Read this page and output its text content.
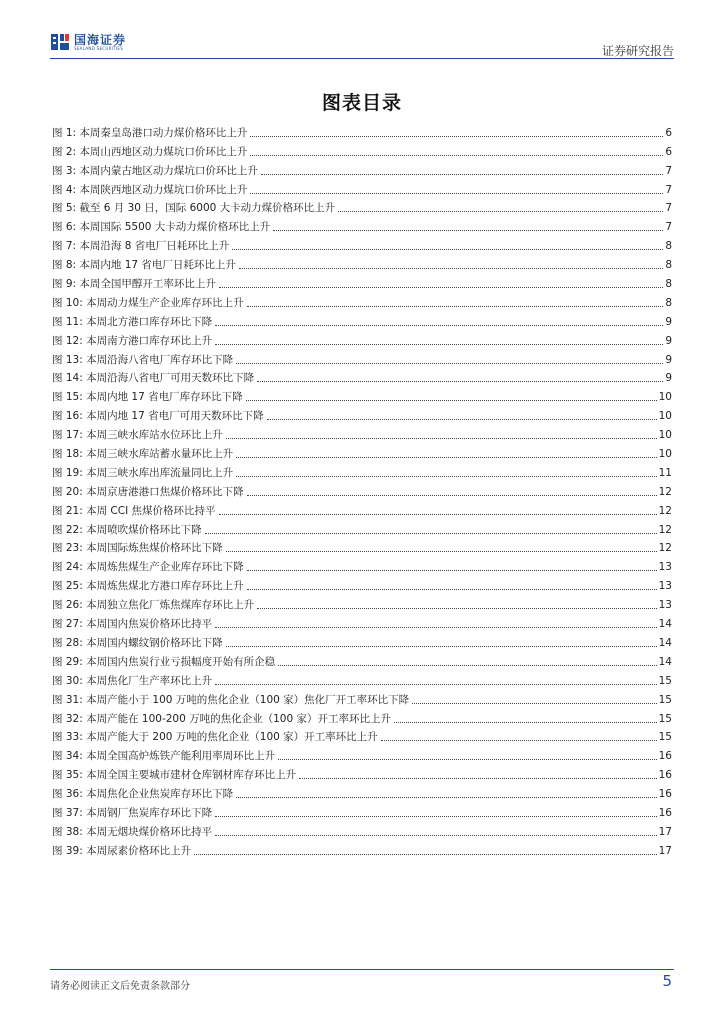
国海证券
SEALAND SECURITIES	证券研究报告
图表目录
图 1: 本周秦皇岛港口动力煤价格环比上升	6
图 2: 本周山西地区动力煤坑口价环比上升	6
图 3: 本周内蒙古地区动力煤坑口价环比上升	7
图 4: 本周陕西地区动力煤坑口价环比上升	7
图 5: 截至 6 月 30 日，国际 6000 大卡动力煤价格环比上升	7
图 6: 本周国际 5500 大卡动力煤价格环比上升	7
图 7: 本周沿海 8 省电厂日耗环比上升	8
图 8: 本周内地 17 省电厂日耗环比上升	8
图 9: 本周全国甲醇开工率环比上升	8
图 10: 本周动力煤生产企业库存环比上升	8
图 11: 本周北方港口库存环比下降	9
图 12: 本周南方港口库存环比上升	9
图 13: 本周沿海八省电厂库存环比下降	9
图 14: 本周沿海八省电厂可用天数环比下降	9
图 15: 本周内地 17 省电厂库存环比下降	10
图 16: 本周内地 17 省电厂可用天数环比下降	10
图 17: 本周三峡水库站水位环比上升	10
图 18: 本周三峡水库站蓄水量环比上升	10
图 19: 本周三峡水库出库流量同比上升	11
图 20: 本周京唐港港口焦煤价格环比下降	12
图 21: 本周 CCI 焦煤价格环比持平	12
图 22: 本周喷吹煤价格环比下降	12
图 23: 本周国际炼焦煤价格环比下降	12
图 24: 本周炼焦煤生产企业库存环比下降	13
图 25: 本周炼焦煤北方港口库存环比上升	13
图 26: 本周独立焦化厂炼焦煤库存环比上升	13
图 27: 本周国内焦炭价格环比持平	14
图 28: 本周国内螺纹钢价格环比下降	14
图 29: 本周国内焦炭行业亏损幅度开始有所企稳	14
图 30: 本周焦化厂生产率环比上升	15
图 31: 本周产能小于 100 万吨的焦化企业（100 家）焦化厂开工率环比下降	15
图 32: 本周产能在 100-200 万吨的焦化企业（100 家）开工率环比上升	15
图 33: 本周产能大于 200 万吨的焦化企业（100 家）开工率环比上升	15
图 34: 本周全国高炉炼铁产能利用率周环比上升	16
图 35: 本周全国主要城市建材仓库钢材库存环比上升	16
图 36: 本周焦化企业焦炭库存环比下降	16
图 37: 本周钢厂焦炭库存环比下降	16
图 38: 本周无烟块煤价格环比持平	17
图 39: 本周尿素价格环比上升	17
请务必阅读正文后免责条款部分	5
